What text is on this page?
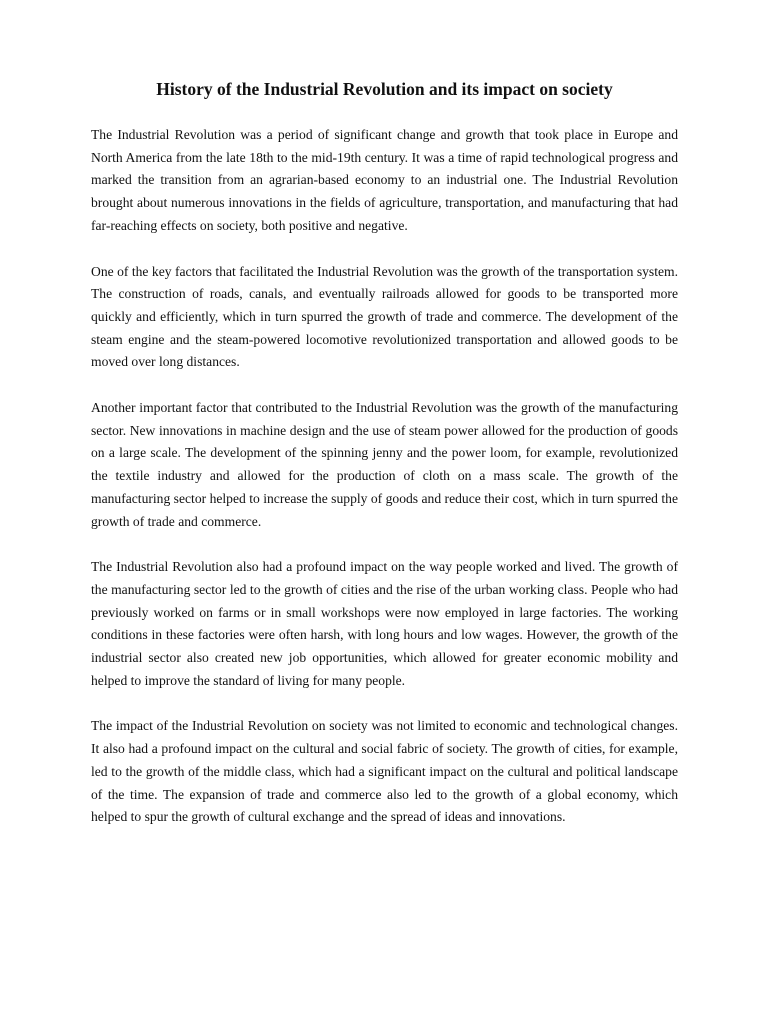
History of the Industrial Revolution and its impact on society

The Industrial Revolution was a period of significant change and growth that took place in Europe and North America from the late 18th to the mid-19th century. It was a time of rapid technological progress and marked the transition from an agrarian-based economy to an industrial one. The Industrial Revolution brought about numerous innovations in the fields of agriculture, transportation, and manufacturing that had far-reaching effects on society, both positive and negative.

One of the key factors that facilitated the Industrial Revolution was the growth of the transportation system. The construction of roads, canals, and eventually railroads allowed for goods to be transported more quickly and efficiently, which in turn spurred the growth of trade and commerce. The development of the steam engine and the steam-powered locomotive revolutionized transportation and allowed goods to be moved over long distances.

Another important factor that contributed to the Industrial Revolution was the growth of the manufacturing sector. New innovations in machine design and the use of steam power allowed for the production of goods on a large scale. The development of the spinning jenny and the power loom, for example, revolutionized the textile industry and allowed for the production of cloth on a mass scale. The growth of the manufacturing sector helped to increase the supply of goods and reduce their cost, which in turn spurred the growth of trade and commerce.

The Industrial Revolution also had a profound impact on the way people worked and lived. The growth of the manufacturing sector led to the growth of cities and the rise of the urban working class. People who had previously worked on farms or in small workshops were now employed in large factories. The working conditions in these factories were often harsh, with long hours and low wages. However, the growth of the industrial sector also created new job opportunities, which allowed for greater economic mobility and helped to improve the standard of living for many people.

The impact of the Industrial Revolution on society was not limited to economic and technological changes. It also had a profound impact on the cultural and social fabric of society. The growth of cities, for example, led to the growth of the middle class, which had a significant impact on the cultural and political landscape of the time. The expansion of trade and commerce also led to the growth of a global economy, which helped to spur the growth of cultural exchange and the spread of ideas and innovations.
